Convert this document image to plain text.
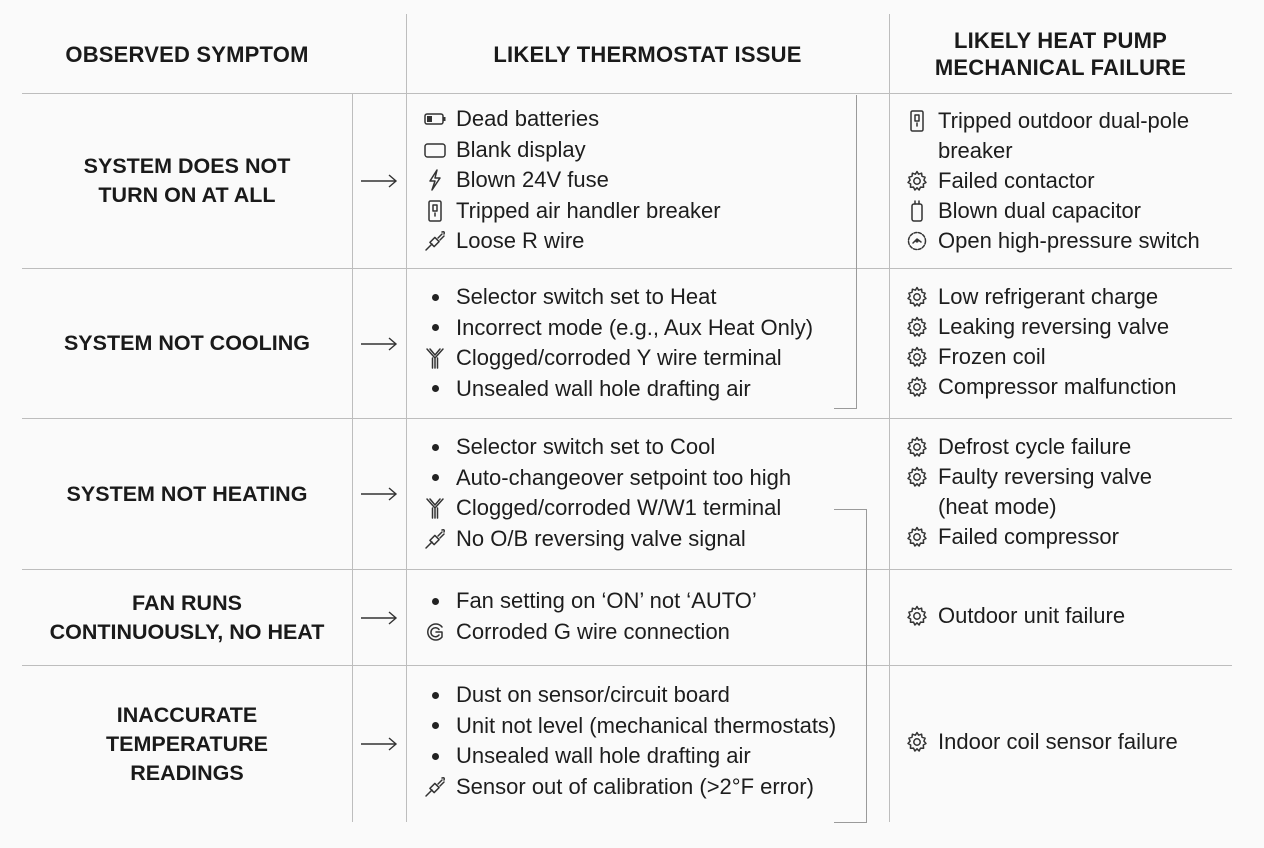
OBSERVED SYMPTOM	LIKELY THERMOSTAT ISSUE
LIKELY HEAT PUMP
MECHANICAL FAILURE
SYSTEM DOES NOT
TURN ON AT ALL
Dead batteries
Blank display
Blown 24V fuse
Tripped air handler breaker
Loose R wire
Tripped outdoor dual-pole
breaker
Failed contactor
Blown dual capacitor
Open high-pressure switch
SYSTEM NOT COOLING
Selector switch set to Heat
Incorrect mode (e.g., Aux Heat Only)
Clogged/corroded Y wire terminal
Unsealed wall hole drafting air
Low refrigerant charge
Leaking reversing valve
Frozen coil
Compressor malfunction
SYSTEM NOT HEATING
Selector switch set to Cool
Auto-changeover setpoint too high
Clogged/corroded W/W1 terminal
No O/B reversing valve signal
Defrost cycle failure
Faulty reversing valve
(heat mode)
Failed compressor
FAN RUNS
CONTINUOUSLY, NO HEAT
Fan setting on ‘ON’ not ‘AUTO’
Corroded G wire connection
Outdoor unit failure
INACCURATE
TEMPERATURE
READINGS
Dust on sensor/circuit board
Unit not level (mechanical thermostats)
Unsealed wall hole drafting air
Sensor out of calibration (>2°F error)
Indoor coil sensor failure
